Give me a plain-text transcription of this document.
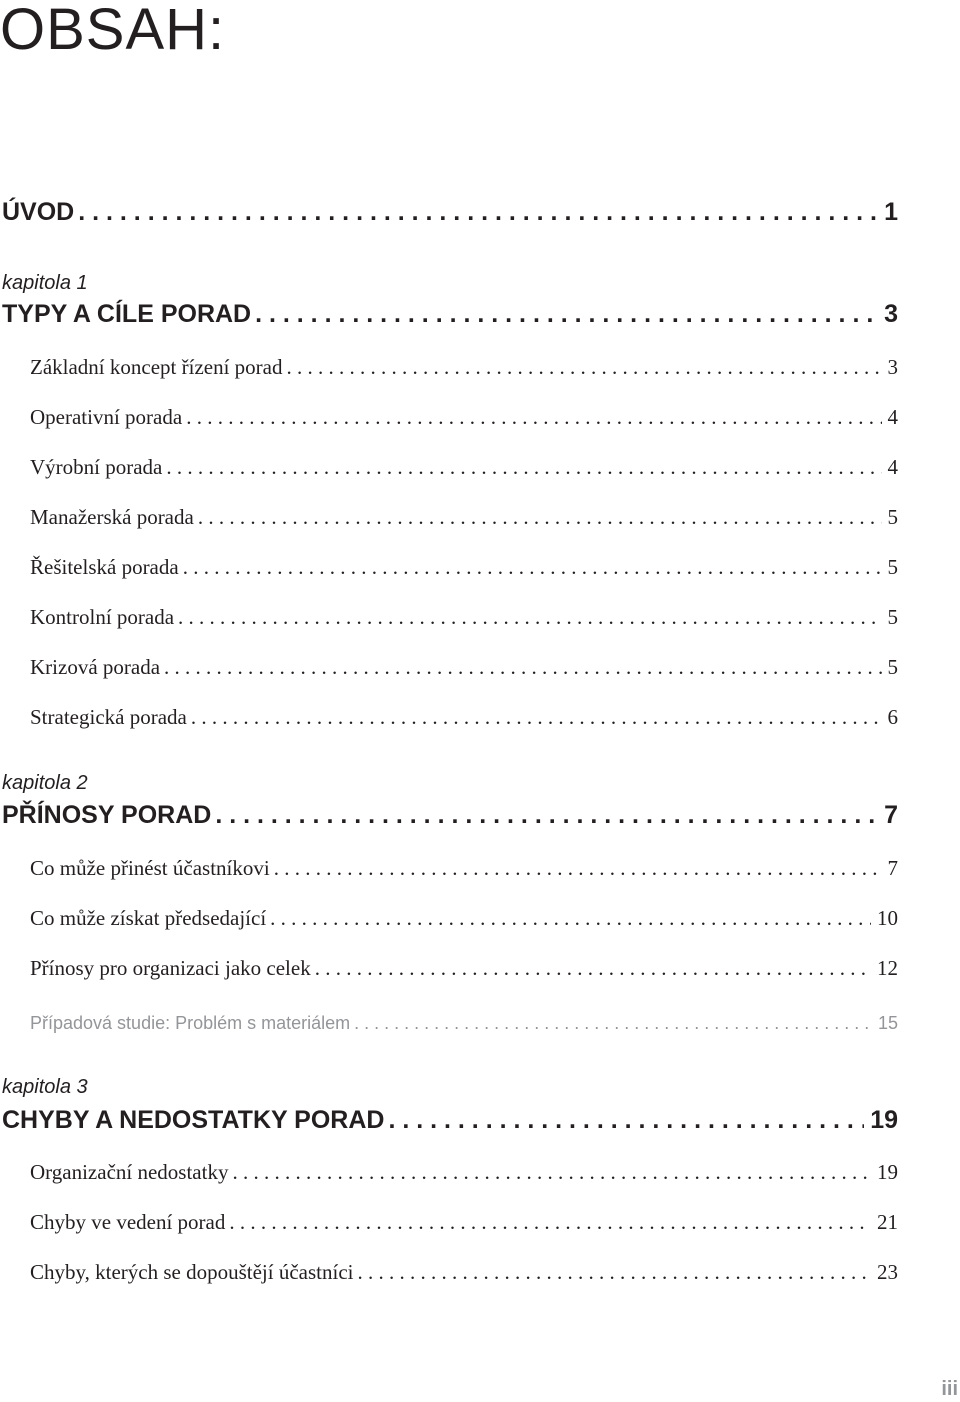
OBSAH:
ÚVOD . . .	1
kapitola 1
TYPY A CÍLE PORAD . . .	3
Základní koncept řízení porad . . .	3
Operativní porada . . .	4
Výrobní porada . . .	4
Manažerská porada . . .	5
Řešitelská porada . . .	5
Kontrolní porada . . .	5
Krizová porada . . .	5
Strategická porada . . .	6
kapitola 2
PŘÍNOSY PORAD . . .	7
Co může přinést účastníkovi . . .	7
Co může získat předsedající . . .	10
Přínosy pro organizaci jako celek . . .	12
Případová studie: Problém s materiálem . . .	15
kapitola 3
CHYBY A NEDOSTATKY PORAD . . .	19
Organizační nedostatky . . .	19
Chyby ve vedení porad . . .	21
Chyby, kterých se dopouštějí účastníci . . .	23
iii
